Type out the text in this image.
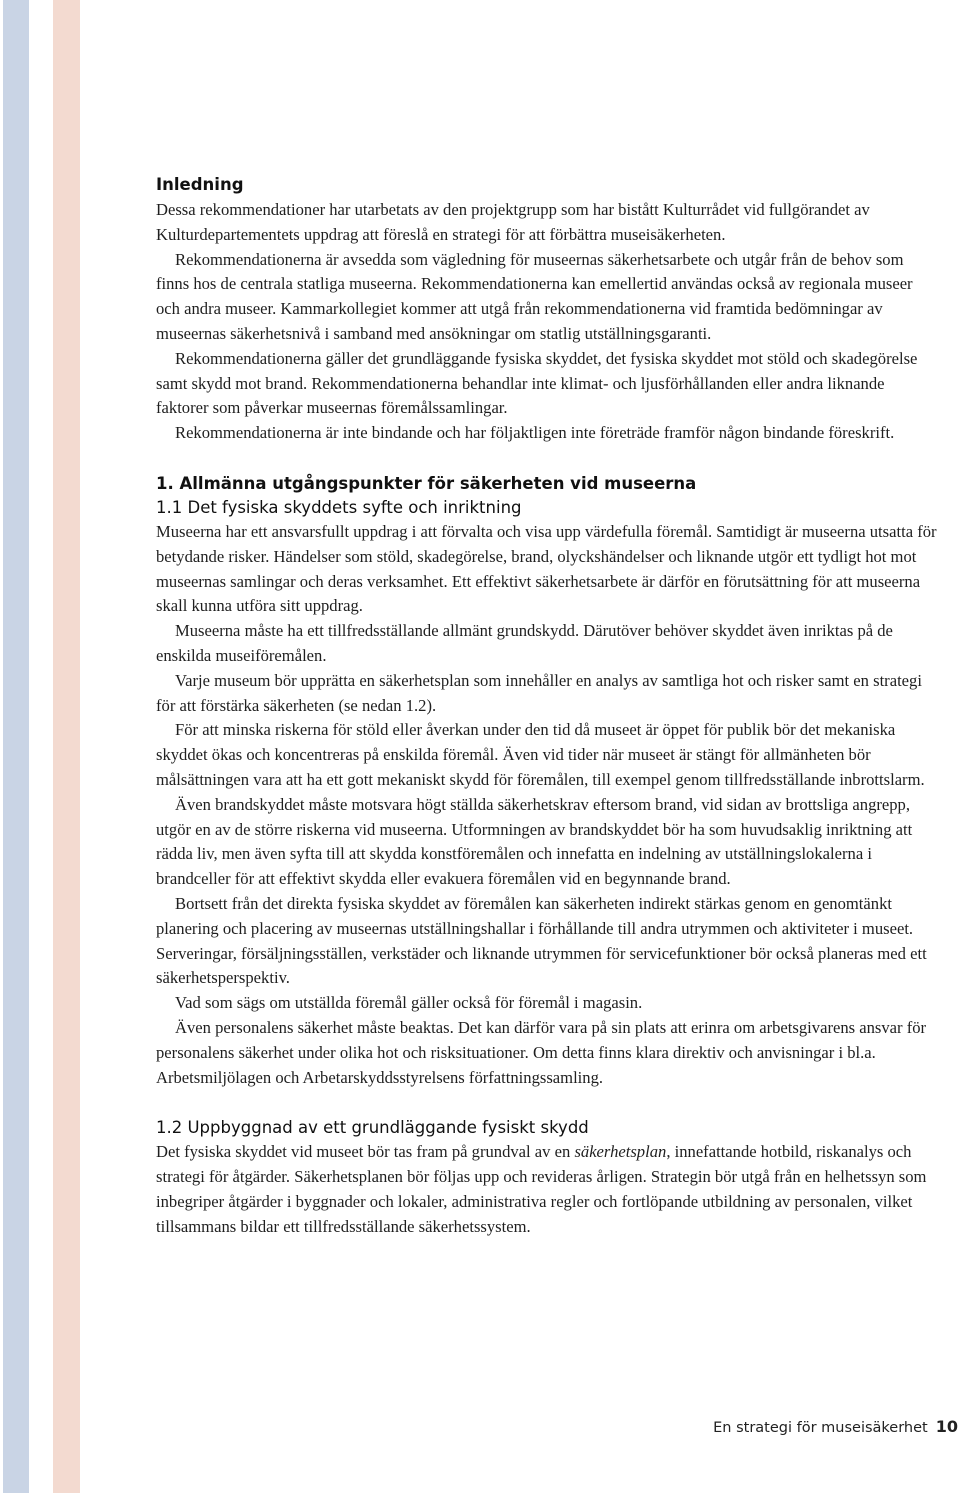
Inledning

Dessa rekommendationer har utarbetats av den projektgrupp som har bistått Kulturrådet vid fullgörandet av Kulturdepartementets uppdrag att föreslå en strategi för att förbättra museisäkerheten.

Rekommendationerna är avsedda som vägledning för museernas säkerhetsarbete och utgår från de behov som finns hos de centrala statliga museerna. Rekommendationerna kan emellertid användas också av regionala museer och andra museer. Kammarkollegiet kommer att utgå från rekommendationerna vid framtida bedömningar av museernas säkerhetsnivå i samband med ansökningar om statlig utställningsgaranti.

Rekommendationerna gäller det grundläggande fysiska skyddet, det fysiska skyddet mot stöld och skadegörelse samt skydd mot brand. Rekommendationerna behandlar inte klimat- och ljusförhållanden eller andra liknande faktorer som påverkar museernas föremålssamlingar.

Rekommendationerna är inte bindande och har följaktligen inte företräde framför någon bindande föreskrift.

1. Allmänna utgångspunkter för säkerheten vid museerna
1.1 Det fysiska skyddets syfte och inriktning

Museerna har ett ansvarsfullt uppdrag i att förvalta och visa upp värdefulla föremål. Samtidigt är museerna utsatta för betydande risker. Händelser som stöld, skadegörelse, brand, olyckshändelser och liknande utgör ett tydligt hot mot museernas samlingar och deras verksamhet. Ett effektivt säkerhetsarbete är därför en förutsättning för att museerna skall kunna utföra sitt uppdrag.

Museerna måste ha ett tillfredsställande allmänt grundskydd. Därutöver behöver skyddet även inriktas på de enskilda museiföremålen.

Varje museum bör upprätta en säkerhetsplan som innehåller en analys av samtliga hot och risker samt en strategi för att förstärka säkerheten (se nedan 1.2).

För att minska riskerna för stöld eller åverkan under den tid då museet är öppet för publik bör det mekaniska skyddet ökas och koncentreras på enskilda föremål. Även vid tider när museet är stängt för allmänheten bör målsättningen vara att ha ett gott mekaniskt skydd för föremålen, till exempel genom tillfredsställande inbrottslarm.

Även brandskyddet måste motsvara högt ställda säkerhetskrav eftersom brand, vid sidan av brottsliga angrepp, utgör en av de större riskerna vid museerna. Utformningen av brandskyddet bör ha som huvudsaklig inriktning att rädda liv, men även syfta till att skydda konstföremålen och innefatta en indelning av utställningslokalerna i brandceller för att effektivt skydda eller evakuera föremålen vid en begynnande brand.

Bortsett från det direkta fysiska skyddet av föremålen kan säkerheten indirekt stärkas genom en genomtänkt planering och placering av museernas utställningshallar i förhållande till andra utrymmen och aktiviteter i museet. Serveringar, försäljningsställen, verkstäder och liknande utrymmen för servicefunktioner bör också planeras med ett säkerhetsperspektiv.

Vad som sägs om utställda föremål gäller också för föremål i magasin.

Även personalens säkerhet måste beaktas. Det kan därför vara på sin plats att erinra om arbetsgivarens ansvar för personalens säkerhet under olika hot och risksituationer. Om detta finns klara direktiv och anvisningar i bl.a. Arbetsmiljölagen och Arbetarskyddsstyrelsens författningssamling.

1.2 Uppbyggnad av ett grundläggande fysiskt skydd

Det fysiska skyddet vid museet bör tas fram på grundval av en säkerhetsplan, innefattande hotbild, riskanalys och strategi för åtgärder. Säkerhetsplanen bör följas upp och revideras årligen. Strategin bör utgå från en helhetssyn som inbegriper åtgärder i byggnader och lokaler, administrativa regler och fortlöpande utbildning av personalen, vilket tillsammans bildar ett tillfredsställande säkerhetssystem.

En strategi för museisäkerhet 10
